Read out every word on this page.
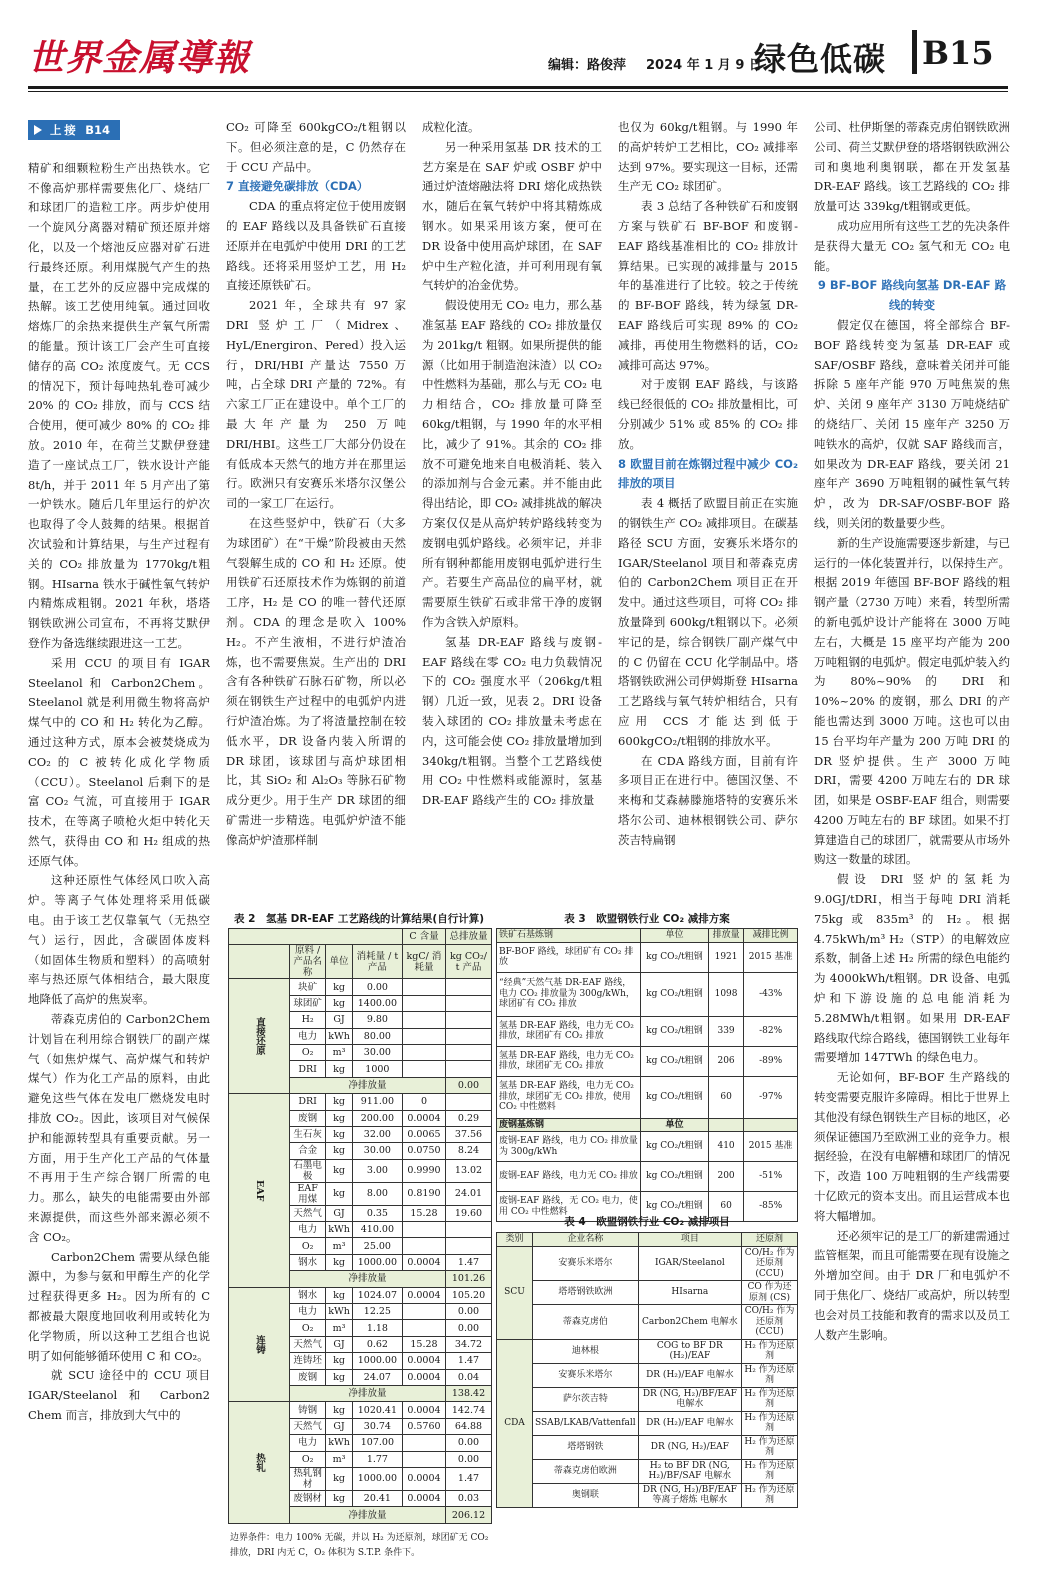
世界金属導報	编辑：路俊萍 2024 年 1 月 9 日
绿色低碳 B15
上接 B14 版

精矿和细颗粒粉生产出热铁水。它不像高炉那样需要焦化厂、烧结厂和球团厂的造粒工序。两步炉使用一个旋风分离器对精矿预还原并熔化，以及一个熔池反应器对矿石进行最终还原。利用煤脱气产生的热量，在工艺外的反应器中完成煤的热解。该工艺使用纯氧。通过回收熔炼厂的余热来提供生产氧气所需的能量。预计该工厂会产生可直接储存的高 CO₂ 浓度废气。无 CCS 的情况下，预计每吨热轧卷可减少 20% 的 CO₂ 排放，而与 CCS 结合使用，便可减少 80% 的 CO₂ 排放。2010 年，在荷兰艾默伊登建造了一座试点工厂，铁水设计产能 8t/h，并于 2011 年 5 月产出了第一炉铁水。随后几年里运行的炉次也取得了令人鼓舞的结果。根据首次试验和计算结果，与生产过程有关的 CO₂ 排放量为 1770kg/t粗钢。HIsarna 铁水于碱性氧气转炉内精炼成粗钢。2021 年秋，塔塔钢铁欧洲公司宣布，不再将艾默伊登作为备选继续跟进这一工艺。

采用 CCU 的项目有 IGAR Steelanol 和 Carbon2Chem。Steelanol 就是利用微生物将高炉煤气中的 CO 和 H₂ 转化为乙醇。通过这种方式，原本会被焚烧成为 CO₂ 的 C 被转化成化学物质（CCU）。Steelanol 后剩下的是富 CO₂ 气流，可直接用于 IGAR 技术，在等离子喷枪火炬中转化天然气，获得由 CO 和 H₂ 组成的热还原气体。

这种还原性气体经风口吹入高炉。等离子气体处理将采用低碳电。由于该工艺仅靠氧气（无热空气）运行，因此，含碳固体废料（如固体生物质和塑料）的高喷射率与热还原气体相结合，最大限度地降低了高炉的焦炭率。

蒂森克虏伯的 Carbon2Chem 计划旨在利用综合钢铁厂的副产煤气（如焦炉煤气、高炉煤气和转炉煤气）作为化工产品的原料，由此避免这些气体在发电厂燃烧发电时排放 CO₂。因此，该项目对气候保护和能源转型具有重要贡献。另一方面，用于生产化工产品的气体量不再用于生产综合钢厂所需的电力。那么，缺失的电能需要由外部来源提供，而这些外部来源必须不含 CO₂。

Carbon2Chem 需要从绿色能源中，为参与氨和甲醇生产的化学过程获得更多 H₂。因为所有的 C 都被最大限度地回收利用或转化为化学物质，所以这种工艺组合也说明了如何能够循环使用 C 和 CO₂。

就 SCU 途径中的 CCU 项目 IGAR/Steelanol 和 Carbon2 Chem 而言，排放到大气中的

CO₂ 可降至 600kgCO₂/t粗钢以下。但必须注意的是，C 仍然存在于 CCU 产品中。

7 直接避免碳排放（CDA）

CDA 的重点将定位于使用废钢的 EAF 路线以及具备铁矿石直接还原并在电弧炉中使用 DRI 的工艺路线。还将采用竖炉工艺，用 H₂ 直接还原铁矿石。

2021 年，全球共有 97 家 DRI 竖炉工厂（Midrex、HyL/Energiron、Pered）投入运行，DRI/HBI 产量达 7550 万吨，占全球 DRI 产量的 72%。有六家工厂正在建设中。单个工厂的最大年产量为 250 万吨 DRI/HBI。这些工厂大部分仍设在有低成本天然气的地方并在那里运行。欧洲只有安赛乐米塔尔汉堡公司的一家工厂在运行。

在这些竖炉中，铁矿石（大多为球团矿）在“干燥”阶段被由天然气裂解生成的 CO 和 H₂ 还原。使用铁矿石还原技术作为炼钢的前道工序，H₂ 是 CO 的唯一替代还原剂。CDA 的理念是吹入 100% H₂。不产生液相，不进行炉渣冶炼，也不需要焦炭。生产出的 DRI 含有各种铁矿石脉石矿物，所以必须在钢铁生产过程中的电弧炉内进行炉渣冶炼。为了将渣量控制在较低水平，DR 设备内装入所谓的 DR 球团，该球团与高炉球团相比，其 SiO₂ 和 Al₂O₃ 等脉石矿物成分更少。用于生产 DR 球团的细矿需进一步精选。电弧炉炉渣不能像高炉炉渣那样制

成粒化渣。

另一种采用氢基 DR 技术的工艺方案是在 SAF 炉或 OSBF 炉中通过炉渣熔融法将 DRI 熔化成热铁水，随后在氧气转炉中将其精炼成钢水。如果采用该方案，便可在 DR 设备中使用高炉球团，在 SAF 炉中生产粒化渣，并可利用现有氧气转炉的冶金优势。

假设使用无 CO₂ 电力，那么基准氢基 EAF 路线的 CO₂ 排放量仅为 201kg/t 粗钢。如果所提供的能源（比如用于制造泡沫渣）以 CO₂ 中性燃料为基础，那么与无 CO₂ 电力相结合，CO₂ 排放量可降至 60kg/t粗钢，与 1990 年的水平相比，减少了 91%。其余的 CO₂ 排放不可避免地来自电极消耗、装入的添加剂与合金元素。并不能由此得出结论，即 CO₂ 减排挑战的解决方案仅仅是从高炉转炉路线转变为废钢电弧炉路线。必须牢记，并非所有钢种都能用废钢电弧炉进行生产。若要生产高品位的扁平材，就需要原生铁矿石或非常干净的废钢作为含铁入炉原料。

氢基 DR-EAF 路线与废钢-EAF 路线在零 CO₂ 电力负载情况下的 CO₂ 强度水平（206kg/t粗钢）几近一致，见表 2。DRI 设备装入球团的 CO₂ 排放量未考虑在内，这可能会使 CO₂ 排放量增加到 340kg/t粗钢。当整个工艺路线使用 CO₂ 中性燃料或能源时，氢基 DR-EAF 路线产生的 CO₂ 排放量

也仅为 60kg/t粗钢。与 1990 年的高炉转炉工艺相比，CO₂ 减排率达到 97%。要实现这一目标，还需生产无 CO₂ 球团矿。

表 3 总结了各种铁矿石和废钢方案与铁矿石 BF-BOF 和废钢-EAF 路线基准相比的 CO₂ 排放计算结果。已实现的减排量与 2015 年的基准进行了比较。较之于传统的 BF-BOF 路线，转为绿氢 DR-EAF 路线后可实现 89% 的 CO₂ 减排，再使用生物燃料的话，CO₂ 减排可高达 97%。

对于废钢 EAF 路线，与该路线已经很低的 CO₂ 排放量相比，可分别减少 51% 或 85% 的 CO₂ 排放。

8 欧盟目前在炼钢过程中减少 CO₂ 排放的项目

表 4 概括了欧盟目前正在实施的钢铁生产 CO₂ 减排项目。在碳基路径 SCU 方面，安赛乐米塔尔的 IGAR/Steelanol 项目和蒂森克虏伯的 Carbon2Chem 项目正在开发中。通过这些项目，可将 CO₂ 排放量降到 600kg/t粗钢以下。必须牢记的是，综合钢铁厂副产煤气中的 C 仍留在 CCU 化学制品中。塔塔钢铁欧洲公司伊姆斯登 HIsarna 工艺路线与氧气转炉相结合，只有应用 CCS 才能达到低于 600kgCO₂/t粗钢的排放水平。

在 CDA 路线方面，目前有许多项目正在进行中。德国汉堡、不来梅和艾森赫滕施塔特的安赛乐米塔尔公司、迪林根钢铁公司、萨尔茨吉特扁钢

公司、杜伊斯堡的蒂森克虏伯钢铁欧洲公司、荷兰艾默伊登的塔塔钢铁欧洲公司和奥地利奥钢联，都在开发氢基 DR-EAF 路线。该工艺路线的 CO₂ 排放量可达 339kg/t粗钢或更低。

成功应用所有这些工艺的先决条件是获得大量无 CO₂ 氢气和无 CO₂ 电能。

9 BF-BOF 路线向氢基 DR-EAF 路线的转变

假定仅在德国，将全部综合 BF-BOF 路线转变为氢基 DR-EAF 或 SAF/OSBF 路线，意味着关闭并可能拆除 5 座年产能 970 万吨焦炭的焦炉、关闭 9 座年产 3130 万吨烧结矿的烧结厂、关闭 15 座年产 3250 万吨铁水的高炉，仅就 SAF 路线而言，如果改为 DR-EAF 路线，要关闭 21 座年产 3690 万吨粗钢的碱性氧气转炉，改为 DR-SAF/OSBF-BOF 路线，则关闭的数量要少些。

新的生产设施需要逐步新建，与已运行的一体化装置并行，以保持生产。根据 2019 年德国 BF-BOF 路线的粗钢产量（2730 万吨）来看，转型所需的新电弧炉设计产能将在 3000 万吨左右，大概是 15 座平均产能为 200 万吨粗钢的电弧炉。假定电弧炉装入约为 80%~90% 的 DRI 和 10%~20% 的废钢，那么 DRI 的产能也需达到 3000 万吨。这也可以由 15 台平均年产量为 200 万吨 DRI 的 DR 竖炉提供。生产 3000 万吨 DRI，需要 4200 万吨左右的 DR 球团，如果是 OSBF-EAF 组合，则需要 4200 万吨左右的 BF 球团。如果不打算建造自己的球团厂，就需要从市场外购这一数量的球团。

假设 DRI 竖炉的氢耗为 9.0GJ/tDRI，相当于每吨 DRI 消耗 75kg 或 835m³ 的 H₂。根据 4.75kWh/m³ H₂（STP）的电解效应系数，制备上述 H₂ 所需的绿色电能约为 4000kWh/t粗钢。DR 设备、电弧炉和下游设施的总电能消耗为 5.28MWh/t粗钢。如果用 DR-EAF 路线取代综合路线，德国钢铁工业每年需要增加 147TWh 的绿色电力。

无论如何，BF-BOF 生产路线的转变需要克服许多障碍。相比于世界上其他没有绿色钢铁生产目标的地区，必须保证德国乃至欧洲工业的竞争力。根据经验，在没有电解槽和球团厂的情况下，改造 100 万吨粗钢的生产线需要十亿欧元的资本支出。而且运营成本也将大幅增加。

还必须牢记的是工厂的新建需通过监管框架，而且可能需要在现有设施之外增加空间。由于 DR 厂和电弧炉不同于焦化厂、烧结厂或高炉，所以转型也会对员工技能和教育的需求以及员工人数产生影响。

表 2　氢基 DR-EAF 工艺路线的计算结果(自行计算)
				C 含量	总排放量
	原料 / 产品名称	单位	消耗量 / t 产品	kgC/ 消耗量	kg CO₂/ t 产品
直接还原	块矿	kg	0.00		
	球团矿	kg	1400.00		
	H₂	GJ	9.80		
	电力	kWh	80.00		
	O₂	m³	30.00		
	DRI	kg	1000		
	净排放量				0.00
EAF	DRI	kg	911.00	0	
	废钢	kg	200.00	0.0004	0.29
	生石灰	kg	32.00	0.0065	37.56
	合金	kg	30.00	0.0750	8.24
	石墨电极	kg	3.00	0.9990	13.02
	EAF 用煤	kg	8.00	0.8190	24.01
	天然气	GJ	0.35	15.28	19.60
	电力	kWh	410.00		
	O₂	m³	25.00		
	钢水	kg	1000.00	0.0004	1.47
	净排放量				101.26
连铸	钢水	kg	1024.07	0.0004	105.20
	电力	kWh	12.25		0.00
	O₂	m³	1.18		0.00
	天然气	GJ	0.62	15.28	34.72
	连铸坯	kg	1000.00	0.0004	1.47
	废钢	kg	24.07	0.0004	0.04
	净排放量				138.42
热轧	铸钢	kg	1020.41	0.0004	142.74
	天然气	GJ	30.74	0.5760	64.88
	电力	kWh	107.00		0.00
	O₂	m³	1.77		0.00
	热轧钢材	kg	1000.00	0.0004	1.47
	废钢材	kg	20.41	0.0004	0.03
	净排放量				206.12
边界条件：电力 100% 无碳，并以 H₂ 为还原剂，球团矿无 CO₂ 排放，DRI 内无 C，O₂ 体积为 S.T.P. 条件下。
表 3　欧盟钢铁行业 CO₂ 减排方案
铁矿石基炼钢	单位	排放量	减排比例
BF-BOF 路线，球团矿有 CO₂ 排放	kg CO₂/t粗钢	1921	2015 基准
“经典”天然气基 DR-EAF 路线，电力 CO₂ 排放量为 300g/kWh，球团矿有 CO₂ 排放	kg CO₂/t粗钢	1098	-43%
氢基 DR-EAF 路线，电力无 CO₂ 排放，球团矿有 CO₂ 排放	kg CO₂/t粗钢	339	-82%
氢基 DR-EAF 路线，电力无 CO₂ 排放，球团矿无 CO₂ 排放	kg CO₂/t粗钢	206	-89%
氢基 DR-EAF 路线，电力无 CO₂ 排放，球团矿无 CO₂ 排放，使用 CO₂ 中性燃料	kg CO₂/t粗钢	60	-97%
废钢基炼钢	单位		
废钢-EAF 路线，电力 CO₂ 排放量为 300g/kWh	kg CO₂/t粗钢	410	2015 基准
废钢-EAF 路线，电力无 CO₂ 排放	kg CO₂/t粗钢	200	-51%
废钢-EAF 路线，无 CO₂ 电力，使用 CO₂ 中性燃料	kg CO₂/t粗钢	60	-85%
表 4　欧盟钢铁行业 CO₂ 减排项目
类别	企业名称	项目	还原剂
SCU	安赛乐米塔尔	IGAR/Steelanol	CO/H₂ 作为还原剂 (CCU)
	塔塔钢铁欧洲	HIsarna	CO 作为还原剂 (CS)
	蒂森克虏伯	Carbon2Chem 电解水	CO/H₂ 作为还原剂 (CCU)
CDA	迪林根	COG to BF DR (H₂)/EAF	H₂ 作为还原剂
	安赛乐米塔尔	DR (H₂)/EAF 电解水	H₂ 作为还原剂
	萨尔茨吉特	DR (NG, H₂)/BF/EAF 电解水	H₂ 作为还原剂
	SSAB/LKAB/Vattenfall	DR (H₂)/EAF 电解水	H₂ 作为还原剂
	塔塔钢铁	DR (NG, H₂)/EAF	H₂ 作为还原剂
	蒂森克虏伯欧洲	H₂ to BF DR (NG, H₂)/BF/SAF 电解水	H₂ 作为还原剂
	奥钢联	DR (NG, H₂)/BF/EAF 等离子熔炼 电解水	H₂ 作为还原剂
